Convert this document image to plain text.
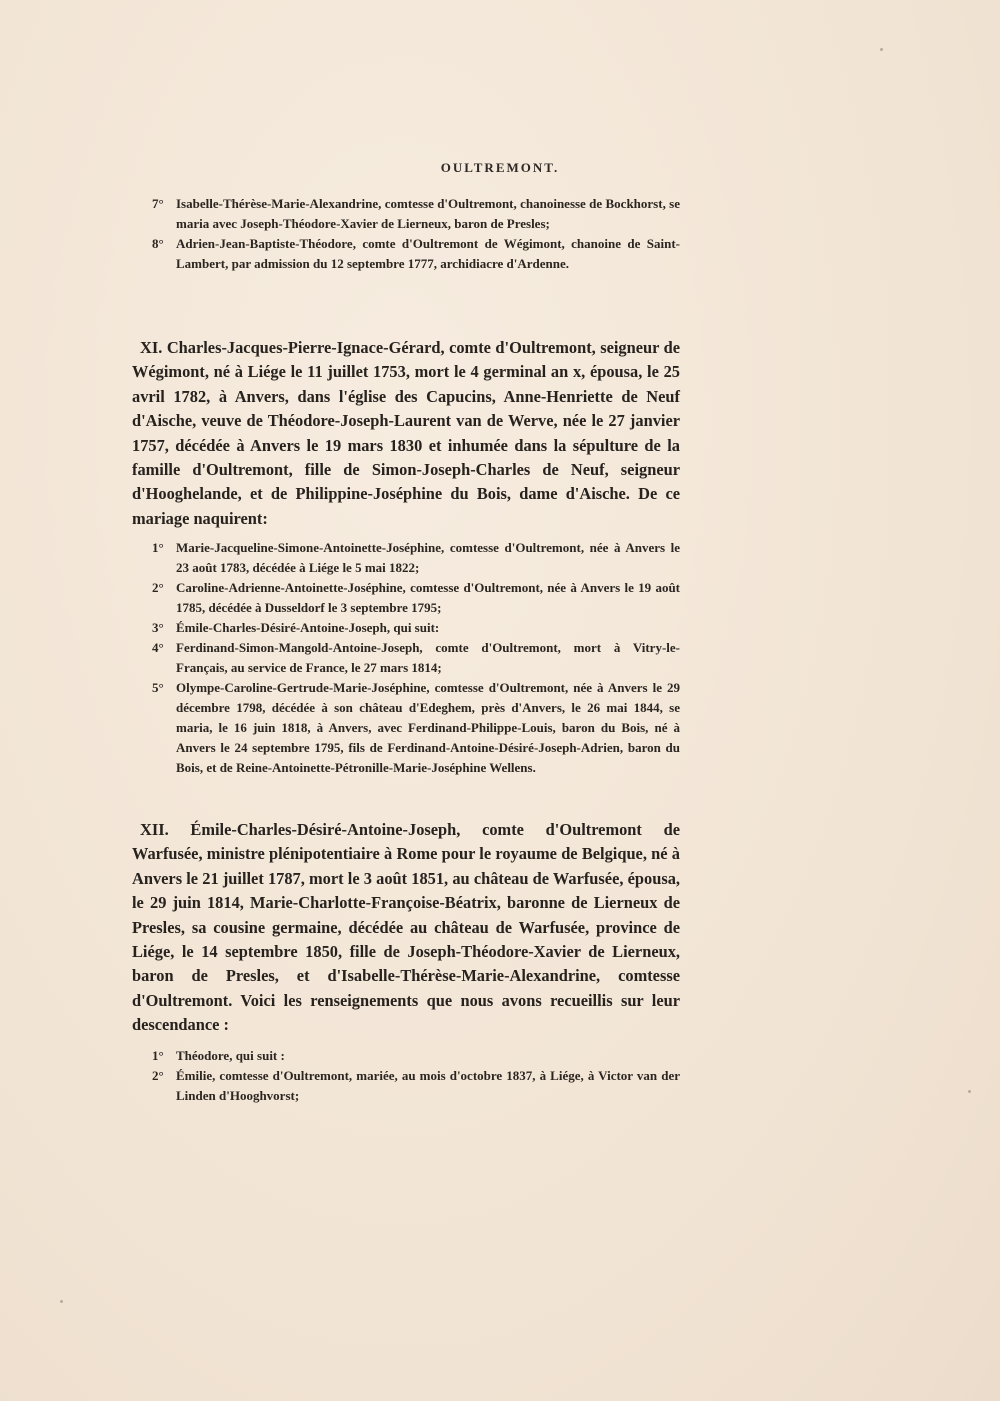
OULTREMONT.
7° Isabelle-Thérèse-Marie-Alexandrine, comtesse d'Oultremont, chanoinesse de Bockhorst, se maria avec Joseph-Théodore-Xavier de Lierneux, baron de Presles;
8° Adrien-Jean-Baptiste-Théodore, comte d'Oultremont de Wégimont, chanoine de Saint-Lambert, par admission du 12 septembre 1777, archidiacre d'Ardenne.

XI. Charles-Jacques-Pierre-Ignace-Gérard, comte d'Oultremont, seigneur de Wégimont, né à Liége le 11 juillet 1753, mort le 4 germinal an x, épousa, le 25 avril 1782, à Anvers, dans l'église des Capucins, Anne-Henriette de Neuf d'Aische, veuve de Théodore-Joseph-Laurent van de Werve, née le 27 janvier 1757, décédée à Anvers le 19 mars 1830 et inhumée dans la sépulture de la famille d'Oultremont, fille de Simon-Joseph-Charles de Neuf, seigneur d'Hooghelande, et de Philippine-Joséphine du Bois, dame d'Aische. De ce mariage naquirent:

1° Marie-Jacqueline-Simone-Antoinette-Joséphine, comtesse d'Oultremont, née à Anvers le 23 août 1783, décédée à Liége le 5 mai 1822;
2° Caroline-Adrienne-Antoinette-Joséphine, comtesse d'Oultremont, née à Anvers le 19 août 1785, décédée à Dusseldorf le 3 septembre 1795;
3° Émile-Charles-Désiré-Antoine-Joseph, qui suit:
4° Ferdinand-Simon-Mangold-Antoine-Joseph, comte d'Oultremont, mort à Vitry-le-Français, au service de France, le 27 mars 1814;
5° Olympe-Caroline-Gertrude-Marie-Joséphine, comtesse d'Oultremont, née à Anvers le 29 décembre 1798, décédée à son château d'Edeghem, près d'Anvers, le 26 mai 1844, se maria, le 16 juin 1818, à Anvers, avec Ferdinand-Philippe-Louis, baron du Bois, né à Anvers le 24 septembre 1795, fils de Ferdinand-Antoine-Désiré-Joseph-Adrien, baron du Bois, et de Reine-Antoinette-Pétronille-Marie-Joséphine Wellens.

XII. Émile-Charles-Désiré-Antoine-Joseph, comte d'Oultremont de Warfusée, ministre plénipotentiaire à Rome pour le royaume de Belgique, né à Anvers le 21 juillet 1787, mort le 3 août 1851, au château de Warfusée, épousa, le 29 juin 1814, Marie-Charlotte-Françoise-Béatrix, baronne de Lierneux de Presles, sa cousine germaine, décédée au château de Warfusée, province de Liége, le 14 septembre 1850, fille de Joseph-Théodore-Xavier de Lierneux, baron de Presles, et d'Isabelle-Thérèse-Marie-Alexandrine, comtesse d'Oultremont. Voici les renseignements que nous avons recueillis sur leur descendance :

1° Théodore, qui suit :
2° Émilie, comtesse d'Oultremont, mariée, au mois d'octobre 1837, à Liége, à Victor van der Linden d'Hooghvorst;
